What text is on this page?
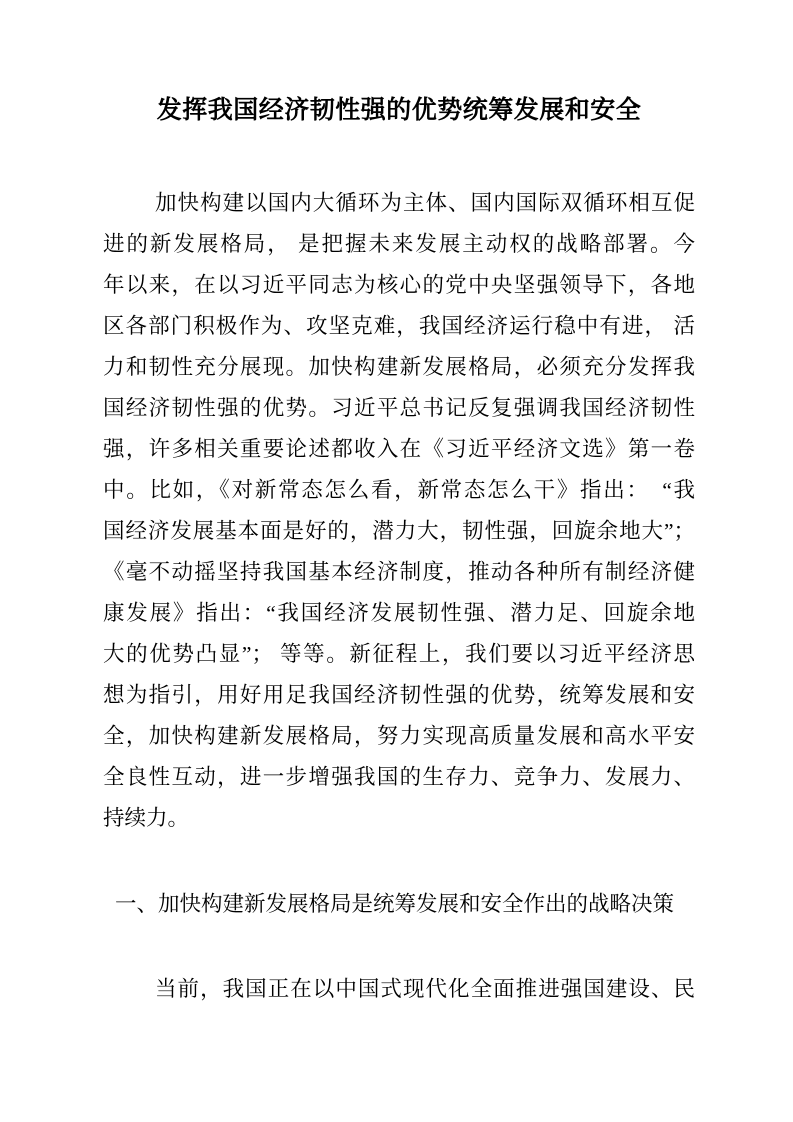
发挥我国经济韧性强的优势统筹发展和安全
加快构建以国内大循环为主体、国内国际双循环相互促
进的新发展格局， 是把握未来发展主动权的战略部署。今
年以来，在以习近平同志为核心的党中央坚强领导下，各地
区各部门积极作为、攻坚克难，我国经济运行稳中有进， 活
力和韧性充分展现。加快构建新发展格局，必须充分发挥我
国经济韧性强的优势。习近平总书记反复强调我国经济韧性
强，许多相关重要论述都收入在《习近平经济文选》第一卷
中。比如，《对新常态怎么看，新常态怎么干》指出：　“我
国经济发展基本面是好的，潜力大，韧性强，回旋余地大”；
《毫不动摇坚持我国基本经济制度，推动各种所有制经济健
康发展》指出：“我国经济发展韧性强、潜力足、回旋余地
大的优势凸显”； 等等。新征程上，我们要以习近平经济思
想为指引，用好用足我国经济韧性强的优势，统筹发展和安
全，加快构建新发展格局，努力实现高质量发展和高水平安
全良性互动，进一步增强我国的生存力、竞争力、发展力、
持续力。
一、加快构建新发展格局是统筹发展和安全作出的战略决策
当前，我国正在以中国式现代化全面推进强国建设、民
